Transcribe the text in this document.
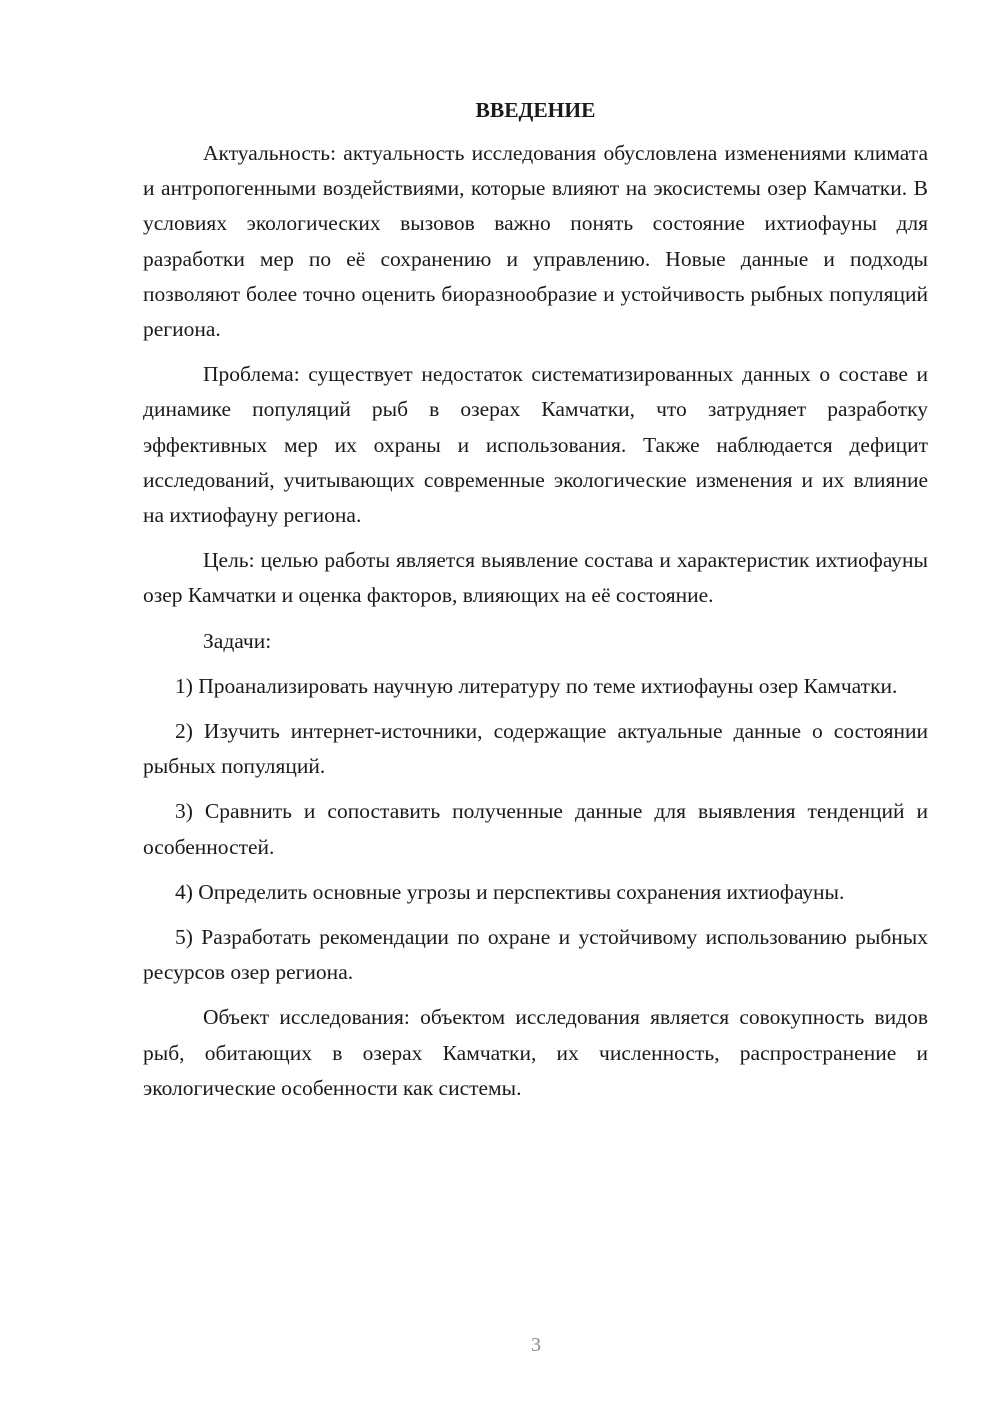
ВВЕДЕНИЕ

Актуальность: актуальность исследования обусловлена изменениями климата и антропогенными воздействиями, которые влияют на экосистемы озер Камчатки. В условиях экологических вызовов важно понять состояние ихтиофауны для разработки мер по её сохранению и управлению. Новые данные и подходы позволяют более точно оценить биоразнообразие и устойчивость рыбных популяций региона.

Проблема: существует недостаток систематизированных данных о составе и динамике популяций рыб в озерах Камчатки, что затрудняет разработку эффективных мер их охраны и использования. Также наблюдается дефицит исследований, учитывающих современные экологические изменения и их влияние на ихтиофауну региона.

Цель: целью работы является выявление состава и характеристик ихтиофауны озер Камчатки и оценка факторов, влияющих на её состояние.

Задачи:

1) Проанализировать научную литературу по теме ихтиофауны озер Камчатки.

2) Изучить интернет-источники, содержащие актуальные данные о состоянии рыбных популяций.

3) Сравнить и сопоставить полученные данные для выявления тенденций и особенностей.

4) Определить основные угрозы и перспективы сохранения ихтиофауны.

5) Разработать рекомендации по охране и устойчивому использованию рыбных ресурсов озер региона.

Объект исследования: объектом исследования является совокупность видов рыб, обитающих в озерах Камчатки, их численность, распространение и экологические особенности как системы.

3
